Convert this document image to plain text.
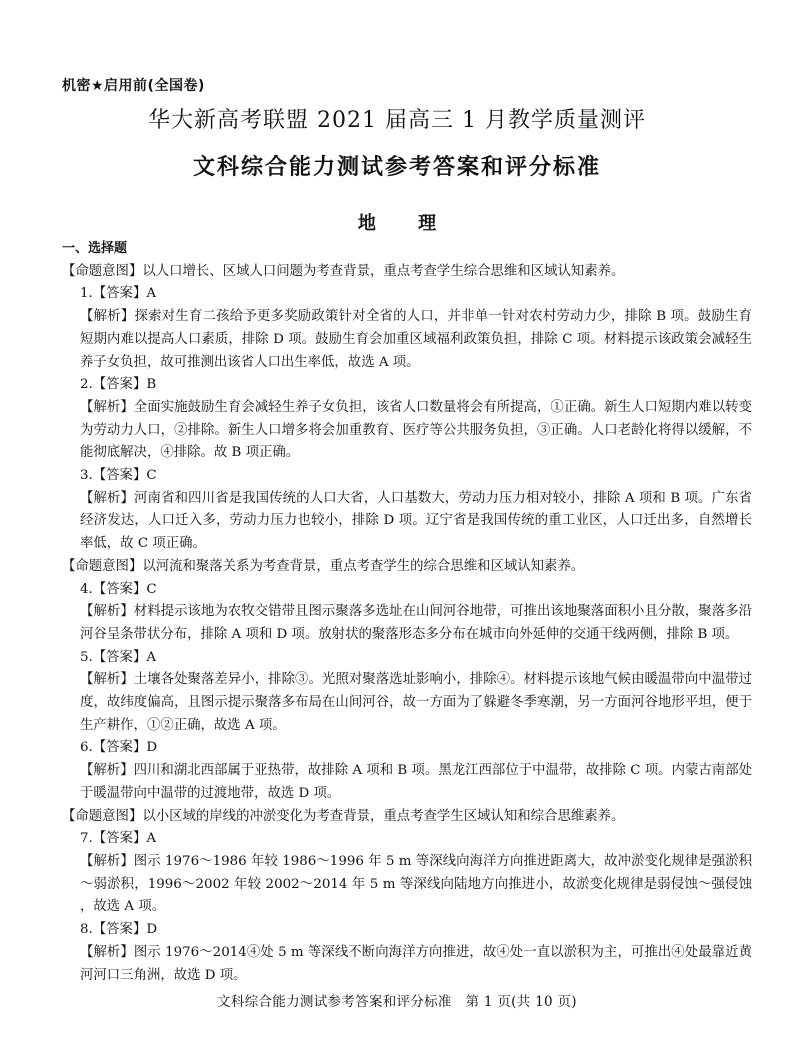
机密★启用前(全国卷)
华大新高考联盟 2021 届高三 1 月教学质量测评
文科综合能力测试参考答案和评分标准
地 理
一、选择题
【命题意图】以人口增长、区域人口问题为考查背景，重点考查学生综合思维和区域认知素养。
1.【答案】A
【解析】探索对生育二孩给予更多奖励政策针对全省的人口，并非单一针对农村劳动力少，排除 B 项。鼓励生育短期内难以提高人口素质，排除 D 项。鼓励生育会加重区域福利政策负担，排除 C 项。材料提示该政策会减轻生养子女负担，故可推测出该省人口出生率低，故选 A 项。
2.【答案】B
【解析】全面实施鼓励生育会减轻生养子女负担，该省人口数量将会有所提高，①正确。新生人口短期内难以转变为劳动力人口，②排除。新生人口增多将会加重教育、医疗等公共服务负担，③正确。人口老龄化将得以缓解，不能彻底解决，④排除。故 B 项正确。
3.【答案】C
【解析】河南省和四川省是我国传统的人口大省，人口基数大，劳动力压力相对较小，排除 A 项和 B 项。广东省经济发达，人口迁入多，劳动力压力也较小，排除 D 项。辽宁省是我国传统的重工业区，人口迁出多，自然增长率低，故 C 项正确。
【命题意图】以河流和聚落关系为考查背景，重点考查学生的综合思维和区域认知素养。
4.【答案】C
【解析】材料提示该地为农牧交错带且图示聚落多选址在山间河谷地带，可推出该地聚落面积小且分散，聚落多沿河谷呈条带状分布，排除 A 项和 D 项。放射状的聚落形态多分布在城市向外延伸的交通干线两侧，排除 B 项。
5.【答案】A
【解析】土壤各处聚落差异小，排除③。光照对聚落选址影响小，排除④。材料提示该地气候由暖温带向中温带过度，故纬度偏高，且图示提示聚落多布局在山间河谷，故一方面为了躲避冬季寒潮，另一方面河谷地形平坦，便于生产耕作，①②正确，故选 A 项。
6.【答案】D
【解析】四川和湖北西部属于亚热带，故排除 A 项和 B 项。黑龙江西部位于中温带，故排除 C 项。内蒙古南部处于暖温带向中温带的过渡地带，故选 D 项。
【命题意图】以小区域的岸线的冲淤变化为考查背景，重点考查学生区域认知和综合思维素养。
7.【答案】A
【解析】图示 1976～1986 年较 1986～1996 年 5 m 等深线向海洋方向推进距离大，故冲淤变化规律是强淤积～弱淤积，1996～2002 年较 2002～2014 年 5 m 等深线向陆地方向推进小，故淤变化规律是弱侵蚀～强侵蚀 ，故选 A 项。
8.【答案】D
【解析】图示 1976～2014④处 5 m 等深线不断向海洋方向推进，故④处一直以淤积为主，可推出④处最靠近黄河河口三角洲，故选 D 项。
文科综合能力测试参考答案和评分标准　第 1 页(共 10 页)
